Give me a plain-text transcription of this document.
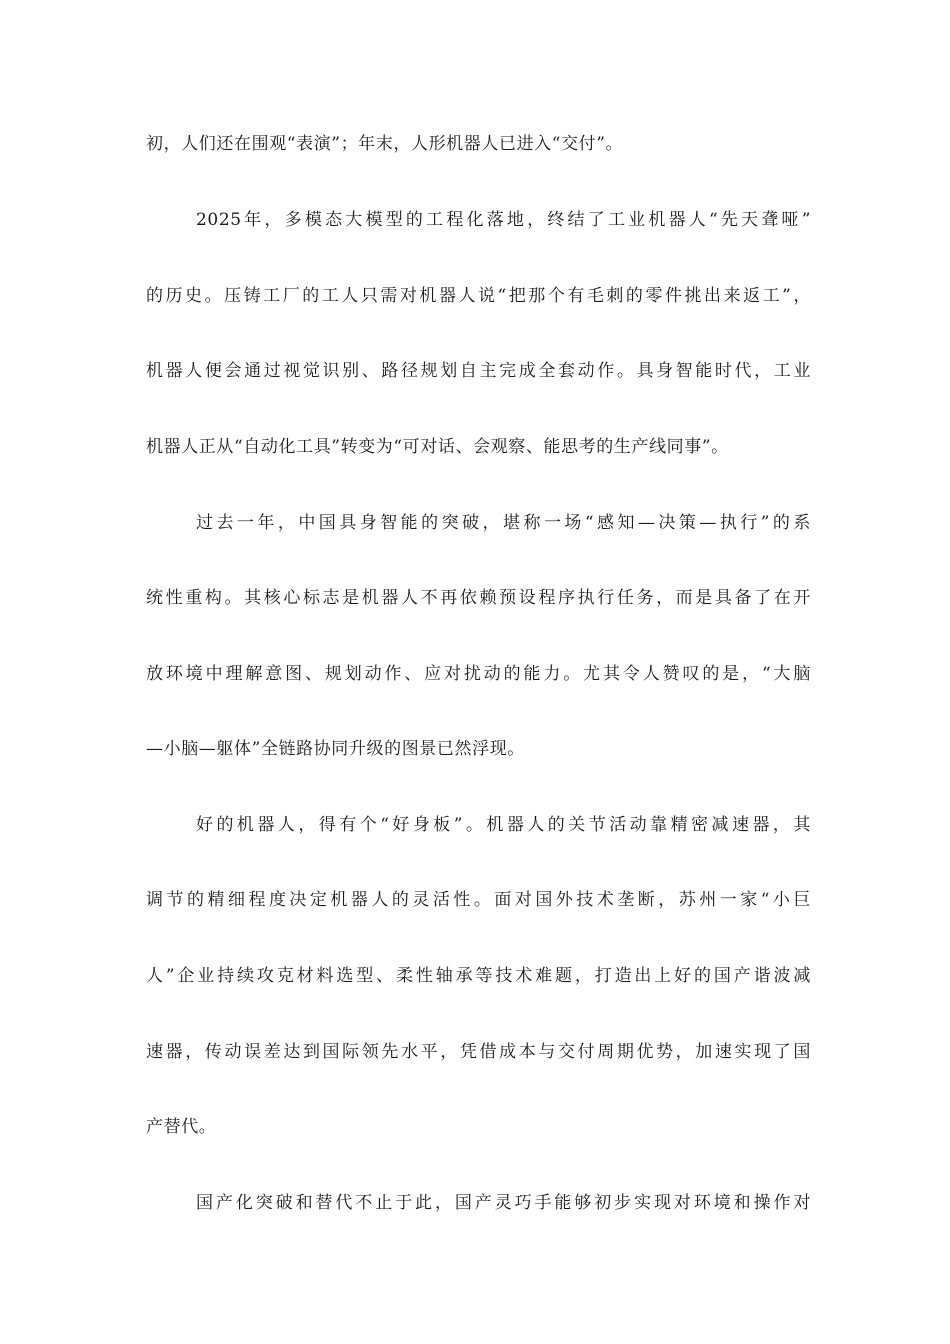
初，人们还在围观“表演”；年末，人形机器人已进入“交付”。
2025年，多模态大模型的工程化落地，终结了工业机器人“先天聋哑”
的历史。压铸工厂的工人只需对机器人说“把那个有毛刺的零件挑出来返工”，
机器人便会通过视觉识别、路径规划自主完成全套动作。具身智能时代，工业
机器人正从“自动化工具”转变为“可对话、会观察、能思考的生产线同事”。
过去一年，中国具身智能的突破，堪称一场“感知—决策—执行”的系
统性重构。其核心标志是机器人不再依赖预设程序执行任务，而是具备了在开
放环境中理解意图、规划动作、应对扰动的能力。尤其令人赞叹的是，“大脑
—小脑—躯体”全链路协同升级的图景已然浮现。
好的机器人，得有个“好身板”。机器人的关节活动靠精密减速器，其
调节的精细程度决定机器人的灵活性。面对国外技术垄断，苏州一家“小巨
人”企业持续攻克材料选型、柔性轴承等技术难题，打造出上好的国产谐波减
速器，传动误差达到国际领先水平，凭借成本与交付周期优势，加速实现了国
产替代。
国产化突破和替代不止于此，国产灵巧手能够初步实现对环境和操作对
